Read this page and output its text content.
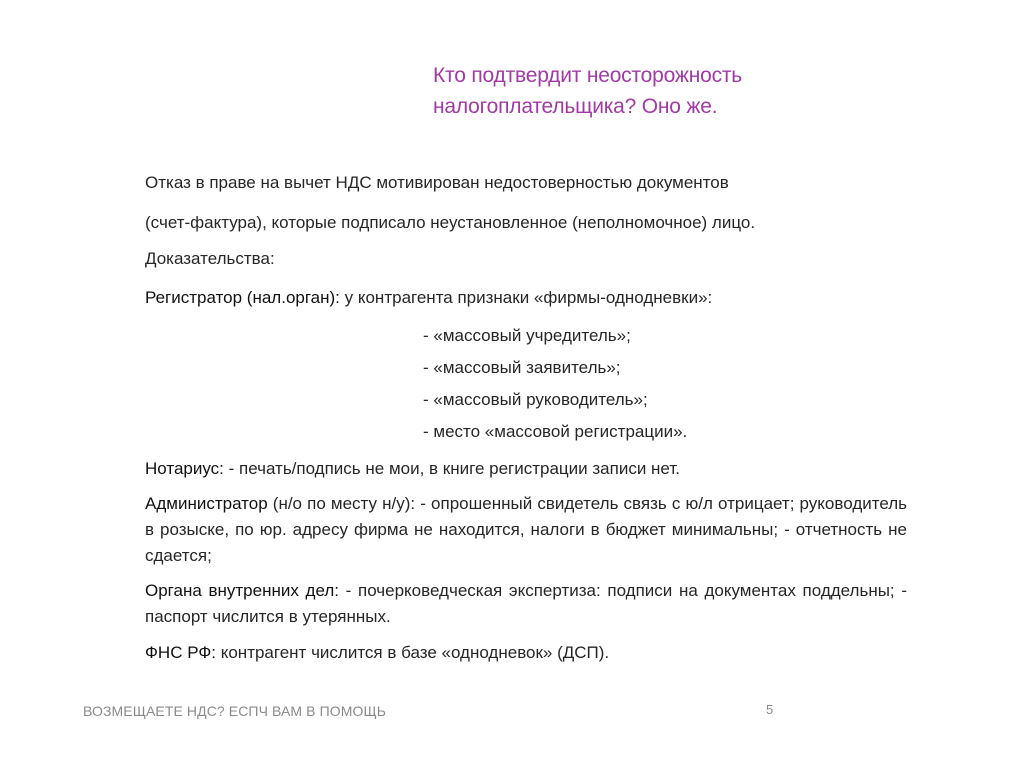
Кто подтвердит неосторожность
налогоплательщика? Оно же.
Отказ в праве на вычет НДС мотивирован недостоверностью документов
(счет-фактура), которые подписало неустановленное (неполномочное) лицо.
Доказательства:
Регистратор (нал.орган): у контрагента признаки «фирмы-однодневки»:
- «массовый учредитель»;
- «массовый заявитель»;
- «массовый руководитель»;
- место «массовой регистрации».
Нотариус: - печать/подпись не мои, в книге регистрации записи нет.
Администратор (н/о по месту н/у): - опрошенный свидетель связь с ю/л отрицает; руководитель в розыске, по юр. адресу фирма не находится, налоги в бюджет минимальны; - отчетность не сдается;
Органа внутренних дел: - почерковедческая экспертиза: подписи на документах поддельны; - паспорт числится в утерянных.
ФНС РФ: контрагент числится в базе «однодневок» (ДСП).
ВОЗМЕЩАЕТЕ НДС? ЕСПЧ ВАМ В ПОМОЩЬ	5
